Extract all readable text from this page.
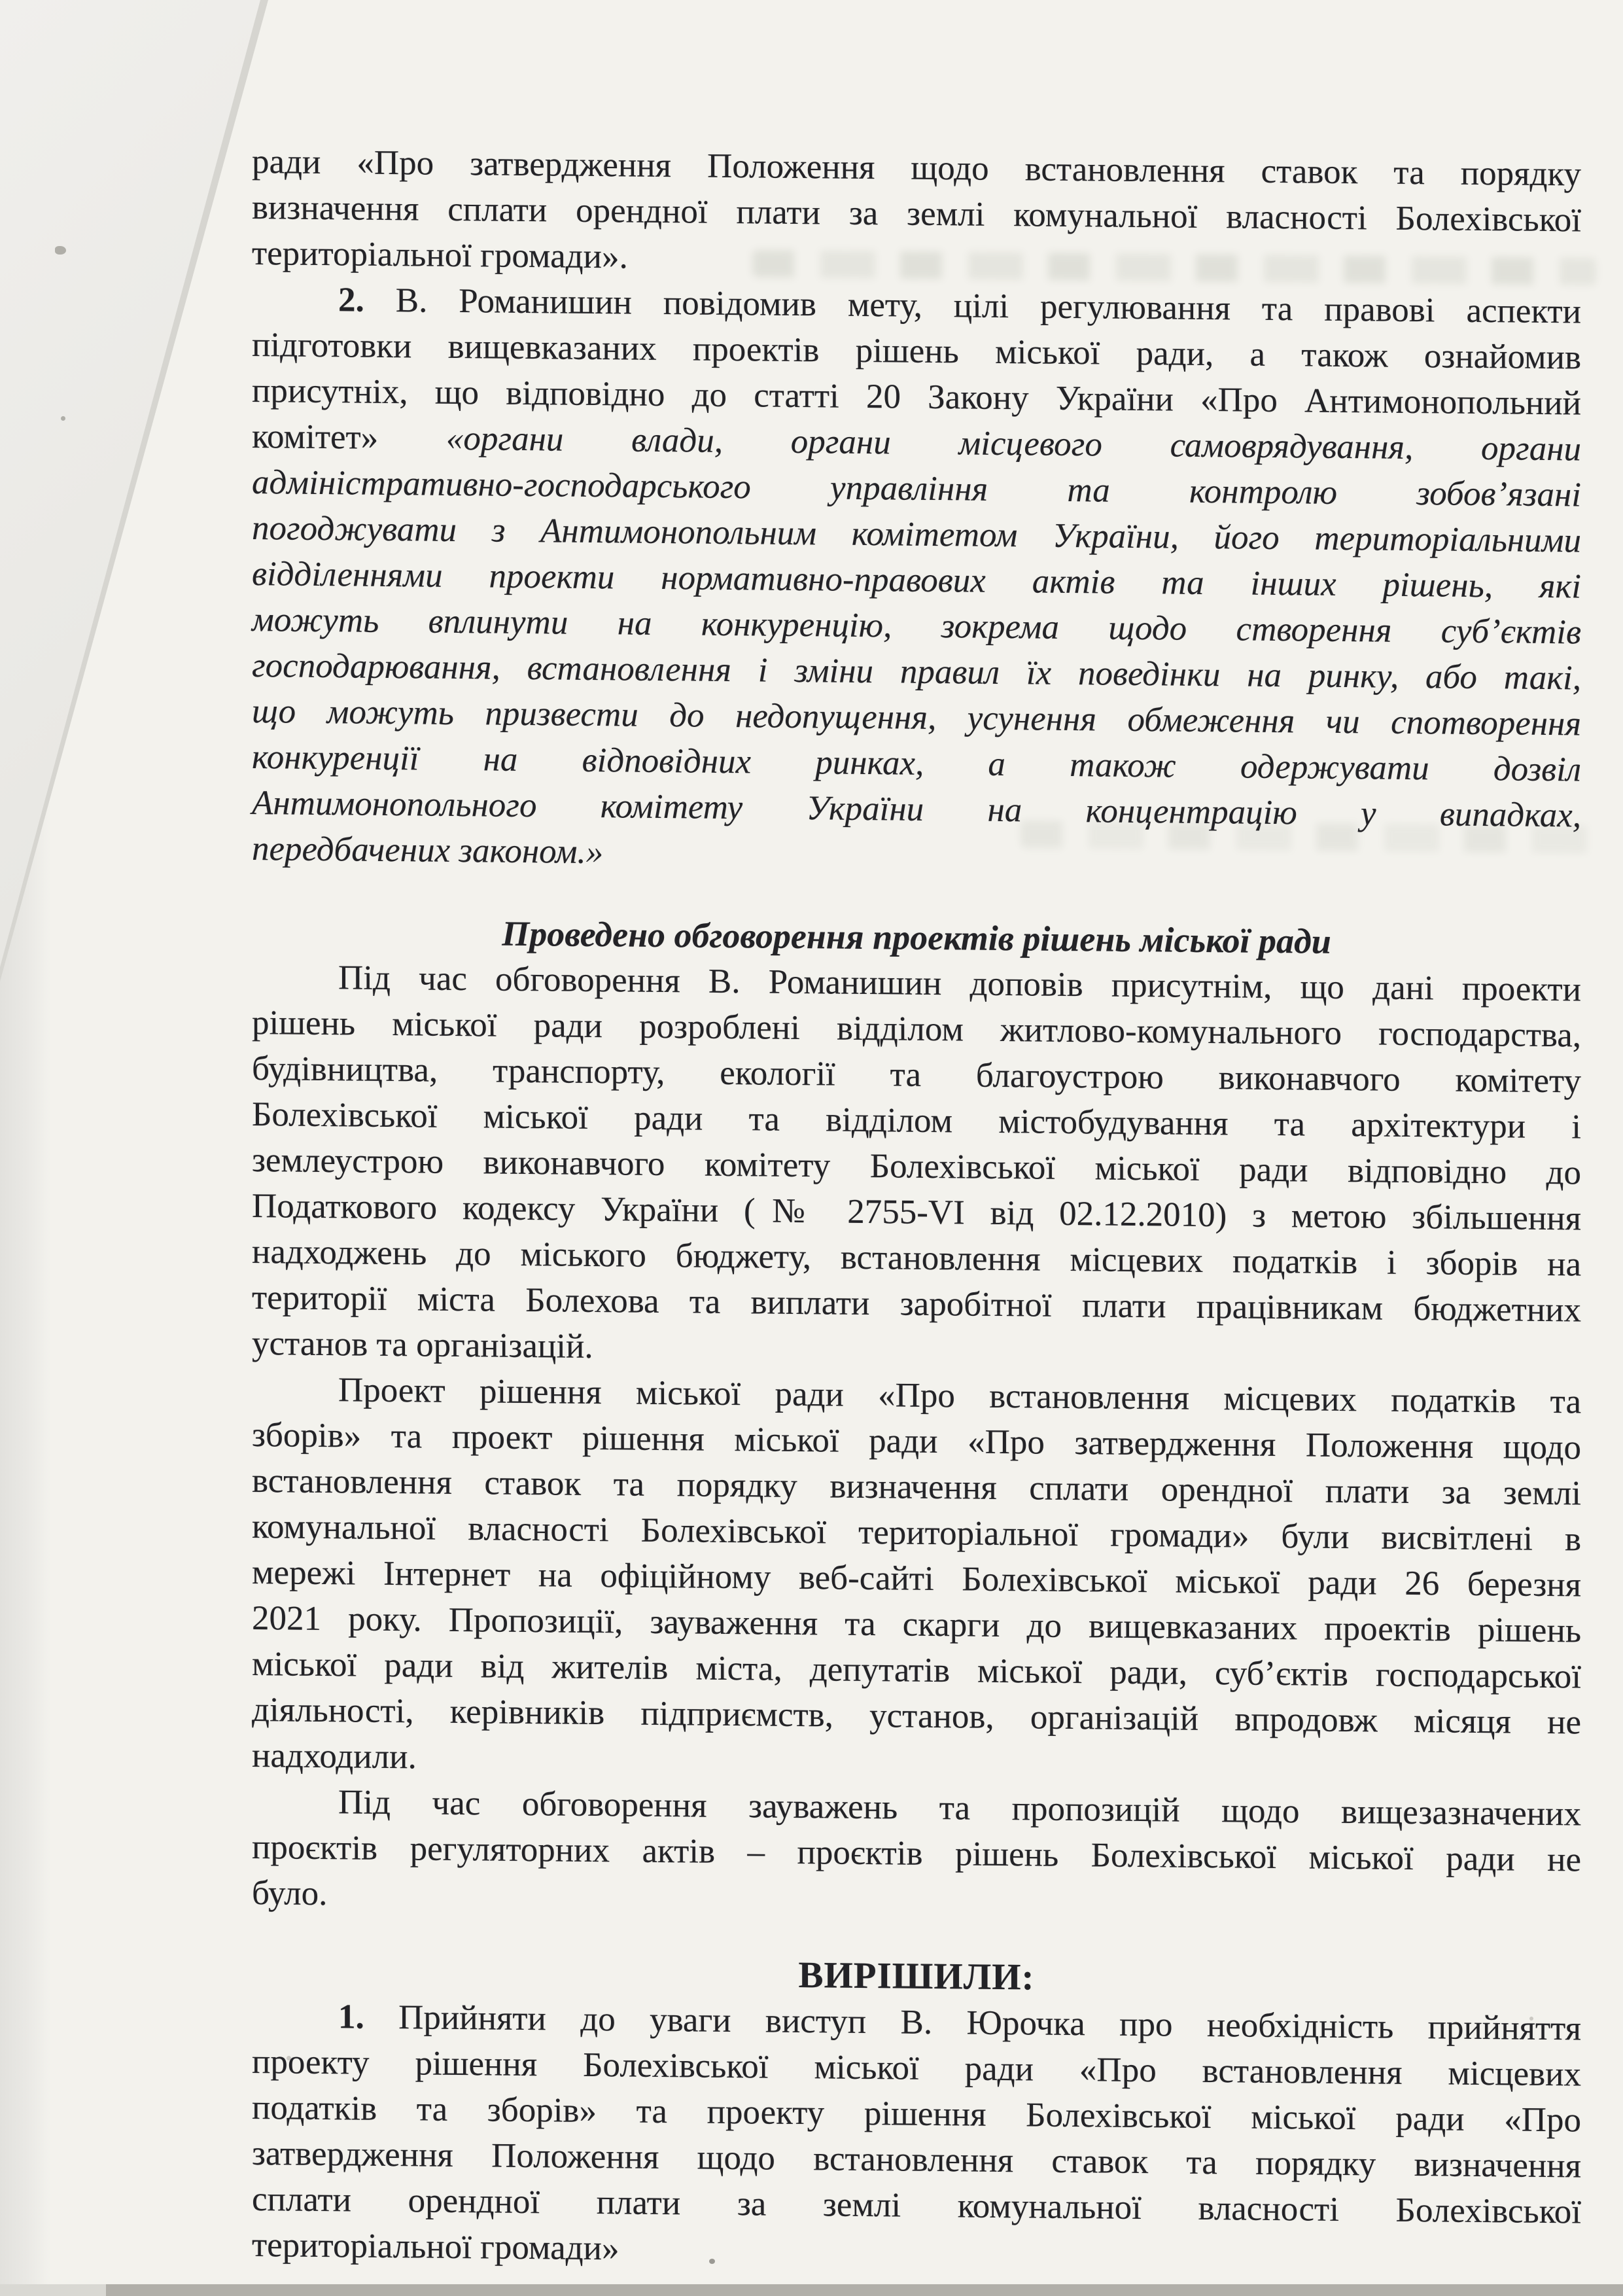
ради «Про затвердження Положення щодо встановлення ставок та порядку
визначення сплати орендної плати за землі комунальної власності Болехівської
територіальної громади».
2. В. Романишин повідомив мету, цілі регулювання та правові аспекти
підготовки вищевказаних проектів рішень міської ради, а також ознайомив
присутніх, що відповідно до статті 20 Закону України «Про Антимонопольний
комітет» «органи влади, органи місцевого самоврядування, органи
адміністративно-господарського управління та контролю зобов’язані
погоджувати з Антимонопольним комітетом України, його територіальними
відділеннями проекти нормативно-правових актів та інших рішень, які
можуть вплинути на конкуренцію, зокрема щодо створення суб’єктів
господарювання, встановлення і зміни правил їх поведінки на ринку, або такі,
що можуть призвести до недопущення, усунення обмеження чи спотворення
конкуренції на відповідних ринках, а також одержувати дозвіл
Антимонопольного комітету України на концентрацію у випадках,
передбачених законом.»
Проведено обговорення проектів рішень міської ради
Під час обговорення В. Романишин доповів присутнім, що дані проекти
рішень міської ради розроблені відділом житлово-комунального господарства,
будівництва, транспорту, екології та благоустрою виконавчого комітету
Болехівської міської ради та відділом містобудування та архітектури і
землеустрою виконавчого комітету Болехівської міської ради відповідно до
Податкового кодексу України (№ 2755-VI від 02.12.2010) з метою збільшення
надходжень до міського бюджету, встановлення місцевих податків і зборів на
території міста Болехова та виплати заробітної плати працівникам бюджетних
установ та організацій.
Проект рішення міської ради «Про встановлення місцевих податків та
зборів» та проект рішення міської ради «Про затвердження Положення щодо
встановлення ставок та порядку визначення сплати орендної плати за землі
комунальної власності Болехівської територіальної громади» були висвітлені в
мережі Інтернет на офіційному веб-сайті Болехівської міської ради 26 березня
2021 року. Пропозиції, зауваження та скарги до вищевказаних проектів рішень
міської ради від жителів міста, депутатів міської ради, суб’єктів господарської
діяльності, керівників підприємств, установ, організацій впродовж місяця не
надходили.
Під час обговорення зауважень та пропозицій щодо вищезазначених
проєктів регуляторних актів – проєктів рішень Болехівської міської ради не
було.
ВИРІШИЛИ:
1. Прийняти до уваги виступ В. Юрочка про необхідність прийняття
проекту рішення Болехівської міської ради «Про встановлення місцевих
податків та зборів» та проекту рішення Болехівської міської ради «Про
затвердження Положення щодо встановлення ставок та порядку визначення
сплати орендної плати за землі комунальної власності Болехівської
територіальної громади»
